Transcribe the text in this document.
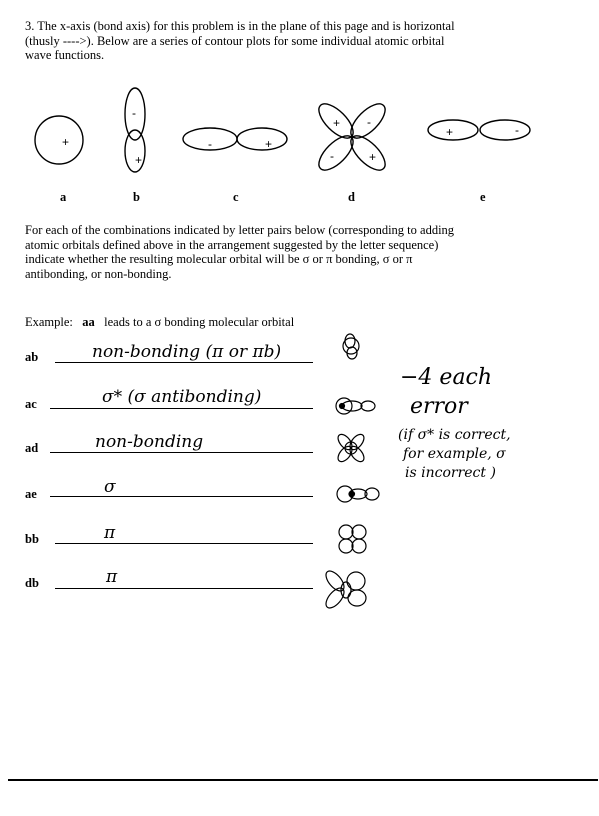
3. The x-axis (bond axis) for this problem is in the plane of this page and is horizontal
(thusly ---->). Below are a series of contour plots for some individual atomic orbital
wave functions.
+
-
+
-	+
+ -
-	+
+	-
a	b	c	d	e
For each of the combinations indicated by letter pairs below (corresponding to adding
atomic orbitals defined above in the arrangement suggested by the letter sequence)
indicate whether the resulting molecular orbital will be σ or π bonding, σ or π
antibonding, or non-bonding.
Example: aa leads to a σ bonding molecular orbital
ab	non-bonding (π or πb)
ac	σ* (σ antibonding)
ad	non-bonding
ae	σ
bb	π
db	π
−4 each
error
(if σ* is correct,
for example, σ
is incorrect )
